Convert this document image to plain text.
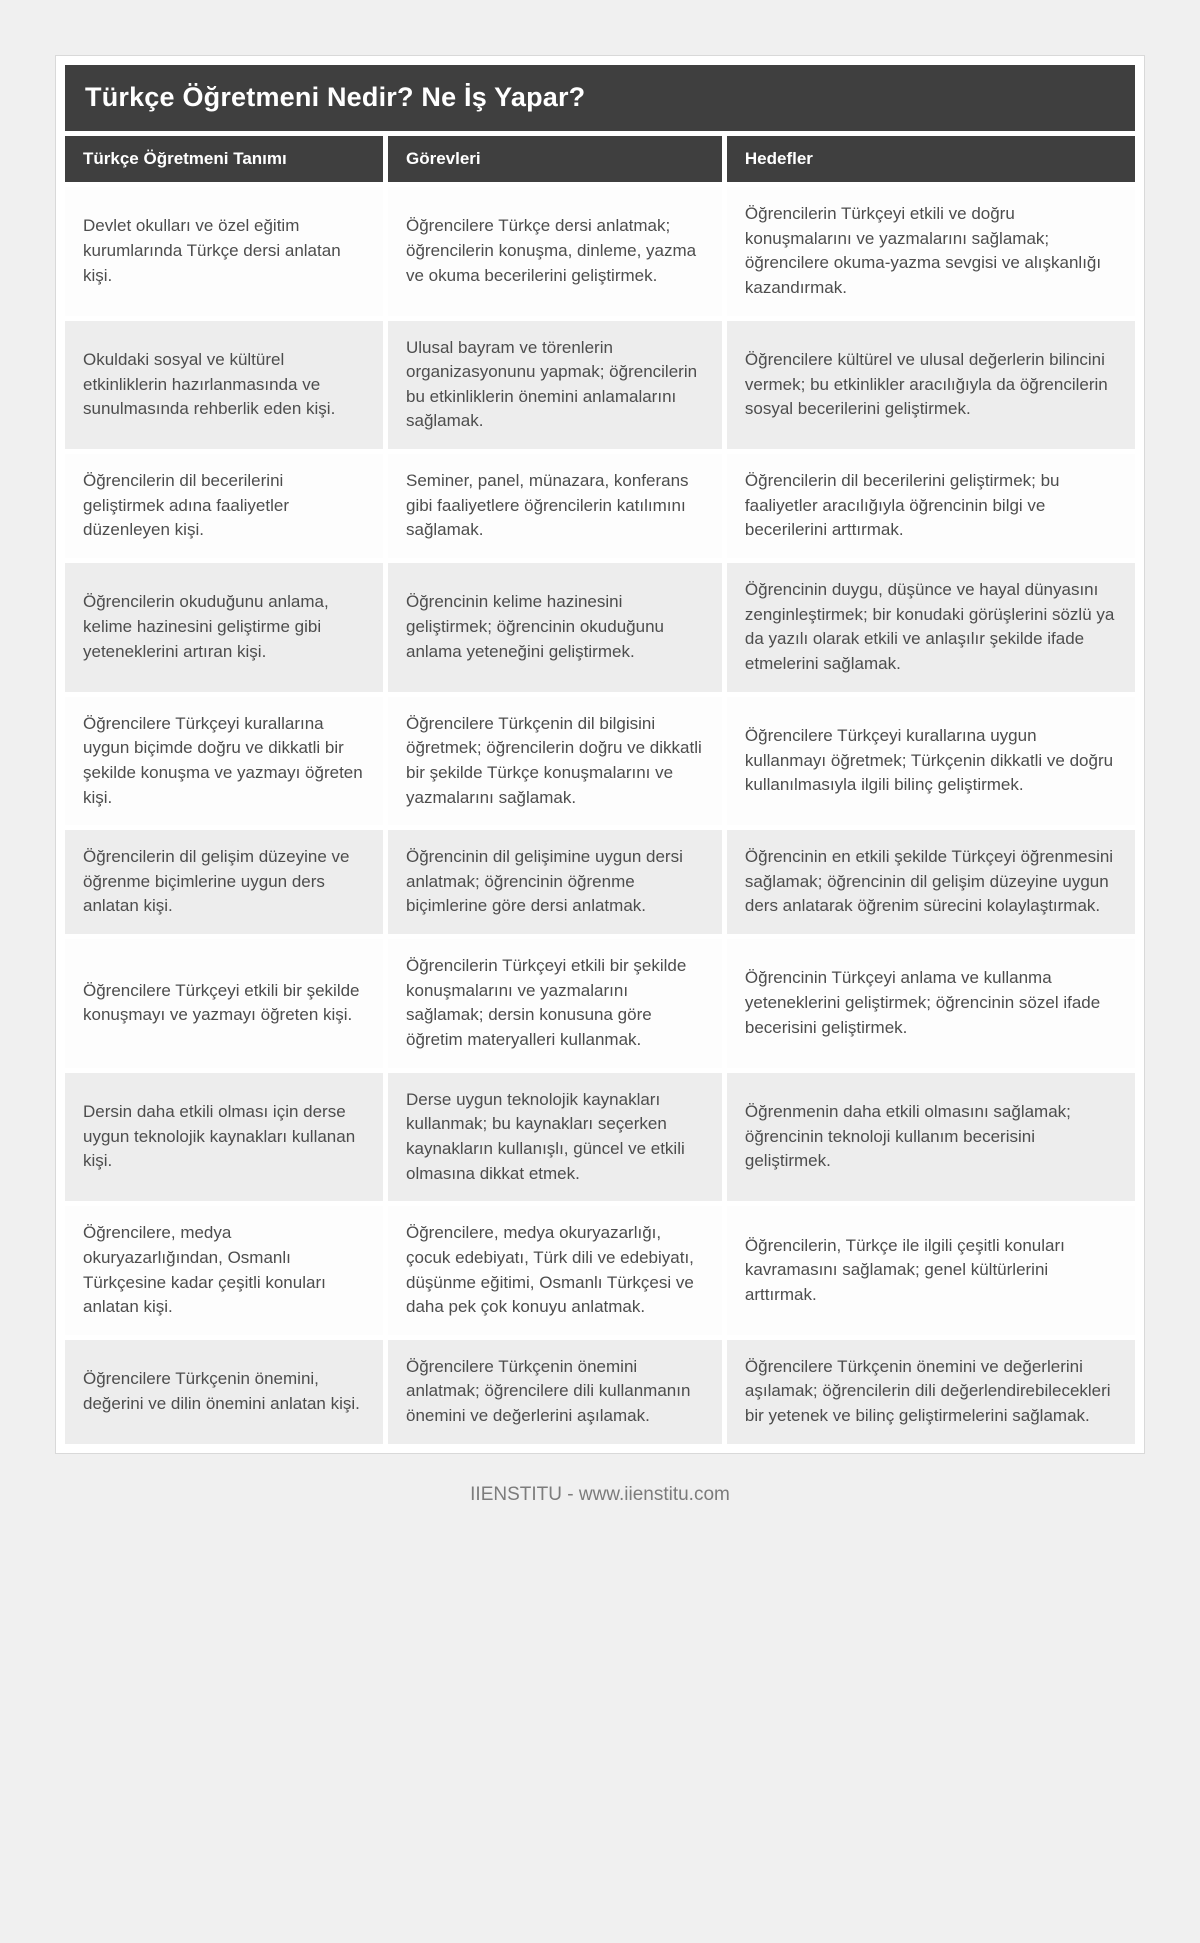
Türkçe Öğretmeni Nedir? Ne İş Yapar?
Türkçe Öğretmeni Tanımı	Görevleri	Hedefler
Devlet okulları ve özel eğitim kurumlarında Türkçe dersi anlatan kişi.	Öğrencilere Türkçe dersi anlatmak; öğrencilerin konuşma, dinleme, yazma ve okuma becerilerini geliştirmek.	Öğrencilerin Türkçeyi etkili ve doğru konuşmalarını ve yazmalarını sağlamak; öğrencilere okuma-yazma sevgisi ve alışkanlığı kazandırmak.
Okuldaki sosyal ve kültürel etkinliklerin hazırlanmasında ve sunulmasında rehberlik eden kişi.	Ulusal bayram ve törenlerin organizasyonunu yapmak; öğrencilerin bu etkinliklerin önemini anlamalarını sağlamak.	Öğrencilere kültürel ve ulusal değerlerin bilincini vermek; bu etkinlikler aracılığıyla da öğrencilerin sosyal becerilerini geliştirmek.
Öğrencilerin dil becerilerini geliştirmek adına faaliyetler düzenleyen kişi.	Seminer, panel, münazara, konferans gibi faaliyetlere öğrencilerin katılımını sağlamak.	Öğrencilerin dil becerilerini geliştirmek; bu faaliyetler aracılığıyla öğrencinin bilgi ve becerilerini arttırmak.
Öğrencilerin okuduğunu anlama, kelime hazinesini geliştirme gibi yeteneklerini artıran kişi.	Öğrencinin kelime hazinesini geliştirmek; öğrencinin okuduğunu anlama yeteneğini geliştirmek.	Öğrencinin duygu, düşünce ve hayal dünyasını zenginleştirmek; bir konudaki görüşlerini sözlü ya da yazılı olarak etkili ve anlaşılır şekilde ifade etmelerini sağlamak.
Öğrencilere Türkçeyi kurallarına uygun biçimde doğru ve dikkatli bir şekilde konuşma ve yazmayı öğreten kişi.	Öğrencilere Türkçenin dil bilgisini öğretmek; öğrencilerin doğru ve dikkatli bir şekilde Türkçe konuşmalarını ve yazmalarını sağlamak.	Öğrencilere Türkçeyi kurallarına uygun kullanmayı öğretmek; Türkçenin dikkatli ve doğru kullanılmasıyla ilgili bilinç geliştirmek.
Öğrencilerin dil gelişim düzeyine ve öğrenme biçimlerine uygun ders anlatan kişi.	Öğrencinin dil gelişimine uygun dersi anlatmak; öğrencinin öğrenme biçimlerine göre dersi anlatmak.	Öğrencinin en etkili şekilde Türkçeyi öğrenmesini sağlamak; öğrencinin dil gelişim düzeyine uygun ders anlatarak öğrenim sürecini kolaylaştırmak.
Öğrencilere Türkçeyi etkili bir şekilde konuşmayı ve yazmayı öğreten kişi.	Öğrencilerin Türkçeyi etkili bir şekilde konuşmalarını ve yazmalarını sağlamak; dersin konusuna göre öğretim materyalleri kullanmak.	Öğrencinin Türkçeyi anlama ve kullanma yeteneklerini geliştirmek; öğrencinin sözel ifade becerisini geliştirmek.
Dersin daha etkili olması için derse uygun teknolojik kaynakları kullanan kişi.	Derse uygun teknolojik kaynakları kullanmak; bu kaynakları seçerken kaynakların kullanışlı, güncel ve etkili olmasına dikkat etmek.	Öğrenmenin daha etkili olmasını sağlamak; öğrencinin teknoloji kullanım becerisini geliştirmek.
Öğrencilere, medya okuryazarlığından, Osmanlı Türkçesine kadar çeşitli konuları anlatan kişi.	Öğrencilere, medya okuryazarlığı, çocuk edebiyatı, Türk dili ve edebiyatı, düşünme eğitimi, Osmanlı Türkçesi ve daha pek çok konuyu anlatmak.	Öğrencilerin, Türkçe ile ilgili çeşitli konuları kavramasını sağlamak; genel kültürlerini arttırmak.
Öğrencilere Türkçenin önemini, değerini ve dilin önemini anlatan kişi.	Öğrencilere Türkçenin önemini anlatmak; öğrencilere dili kullanmanın önemini ve değerlerini aşılamak.	Öğrencilere Türkçenin önemini ve değerlerini aşılamak; öğrencilerin dili değerlendirebilecekleri bir yetenek ve bilinç geliştirmelerini sağlamak.
IIENSTITU - www.iienstitu.com
